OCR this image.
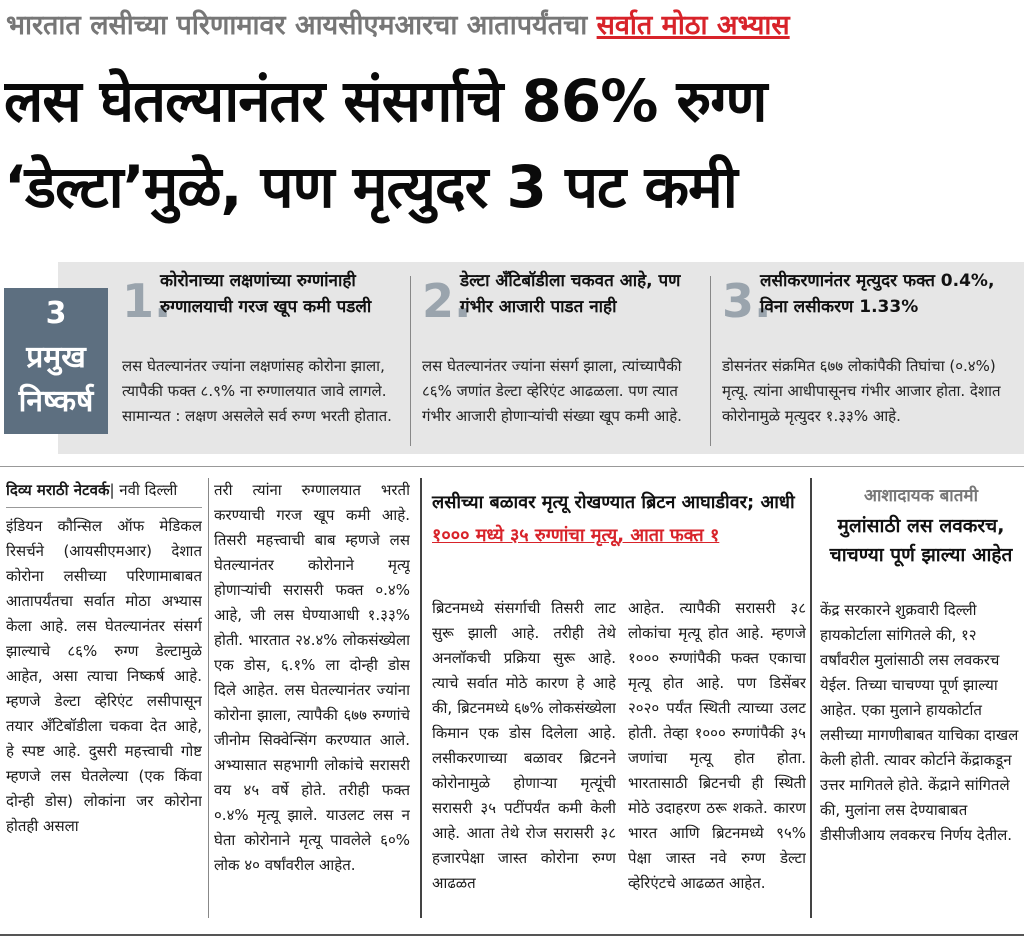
भारतात लसीच्या परिणामावर आयसीएमआरचा आतापर्यंतचा सर्वात मोठा अभ्यास
लस घेतल्यानंतर संसर्गाचे 86% रुग्ण
‘डेल्टा’मुळे, पण मृत्युदर 3 पट कमी
3
प्रमुख
निष्कर्ष
1.
कोरोनाच्या लक्षणांच्या रुग्णांनाही रुग्णालयाची गरज खूप कमी पडली
लस घेतल्यानंतर ज्यांना लक्षणांसह कोरोना झाला, त्यापैकी फक्त ८.९% ना रुग्णालयात जावे लागले. सामान्यत : लक्षण असलेले सर्व रुग्ण भरती होतात.
2.
डेल्टा अँटिबॉडीला चकवत आहे, पण गंभीर आजारी पाडत नाही
लस घेतल्यानंतर ज्यांना संसर्ग झाला, त्यांच्यापैकी ८६% जणांत डेल्टा व्हेरिएंट आढळला. पण त्यात गंभीर आजारी होणाऱ्यांची संख्या खूप कमी आहे.
3.
लसीकरणानंतर मृत्युदर फक्त 0.4%, विना लसीकरण 1.33%
डोसनंतर संक्रमित ६७७ लोकांपैकी तिघांचा (०.४%) मृत्यू. त्यांना आधीपासूनच गंभीर आजार होता. देशात कोरोनामुळे मृत्युदर १.३३% आहे.
दिव्य मराठी नेटवर्क| नवी दिल्ली
इंडियन कौन्सिल ऑफ मेडिकल रिसर्चने (आयसीएमआर) देशात कोरोना लसीच्या परिणामाबाबत आतापर्यंतचा सर्वात मोठा अभ्यास केला आहे. लस घेतल्यानंतर संसर्ग झाल्याचे ८६% रुग्ण डेल्टामुळे आहेत, असा त्याचा निष्कर्ष आहे. म्हणजे डेल्टा व्हेरिएंट लसीपासून तयार अँटिबॉडीला चकवा देत आहे, हे स्पष्ट आहे. दुसरी महत्त्वाची गोष्ट म्हणजे लस घेतलेल्या (एक किंवा दोन्ही डोस) लोकांना जर कोरोना होतही असला
तरी त्यांना रुग्णालयात भरती करण्याची गरज खूप कमी आहे. तिसरी महत्त्वाची बाब म्हणजे लस घेतल्यानंतर कोरोनाने मृत्यू होणाऱ्यांची सरासरी फक्त ०.४% आहे, जी लस घेण्याआधी १.३३% होती. भारतात २४.४% लोकसंख्येला एक डोस, ६.१% ला दोन्ही डोस दिले आहेत. लस घेतल्यानंतर ज्यांना कोरोना झाला, त्यापैकी ६७७ रुग्णांचे जीनोम सिक्वेन्सिंग करण्यात आले. अभ्यासात सहभागी लोकांचे सरासरी वय ४५ वर्षे होते. तरीही फक्त ०.४% मृत्यू झाले. याउलट लस न घेता कोरोनाने मृत्यू पावलेले ६०% लोक ४० वर्षांवरील आहेत.
लसीच्या बळावर मृत्यू रोखण्यात ब्रिटन आघाडीवर; आधी १००० मध्ये ३५ रुग्णांचा मृत्यू, आता फक्त १
ब्रिटनमध्ये संसर्गाची तिसरी लाट सुरू झाली आहे. तरीही तेथे अनलॉकची प्रक्रिया सुरू आहे. त्याचे सर्वात मोठे कारण हे आहे की, ब्रिटनमध्ये ६७% लोकसंख्येला किमान एक डोस दिलेला आहे. लसीकरणाच्या बळावर ब्रिटनने कोरोनामुळे होणाऱ्या मृत्यूंची सरासरी ३५ पटींपर्यंत कमी केली आहे. आता तेथे रोज सरासरी ३८ हजारपेक्षा जास्त कोरोना रुग्ण आढळत
आहेत. त्यापैकी सरासरी ३८ लोकांचा मृत्यू होत आहे. म्हणजे १००० रुग्णांपैकी फक्त एकाचा मृत्यू होत आहे. पण डिसेंबर २०२० पर्यंत स्थिती त्याच्या उलट होती. तेव्हा १००० रुग्णांपैकी ३५ जणांचा मृत्यू होत होता. भारतासाठी ब्रिटनची ही स्थिती मोठे उदाहरण ठरू शकते. कारण भारत आणि ब्रिटनमध्ये ९५% पेक्षा जास्त नवे रुग्ण डेल्टा व्हेरिएंटचे आढळत आहेत.
आशादायक बातमी
मुलांसाठी लस लवकरच, चाचण्या पूर्ण झाल्या आहेत
केंद्र सरकारने शुक्रवारी दिल्ली हायकोर्टाला सांगितले की, १२ वर्षांवरील मुलांसाठी लस लवकरच येईल. तिच्या चाचण्या पूर्ण झाल्या आहेत. एका मुलाने हायकोर्टात लसीच्या मागणीबाबत याचिका दाखल केली होती. त्यावर कोर्टाने केंद्राकडून उत्तर मागितले होते. केंद्राने सांगितले की, मुलांना लस देण्याबाबत डीसीजीआय लवकरच निर्णय देतील.
